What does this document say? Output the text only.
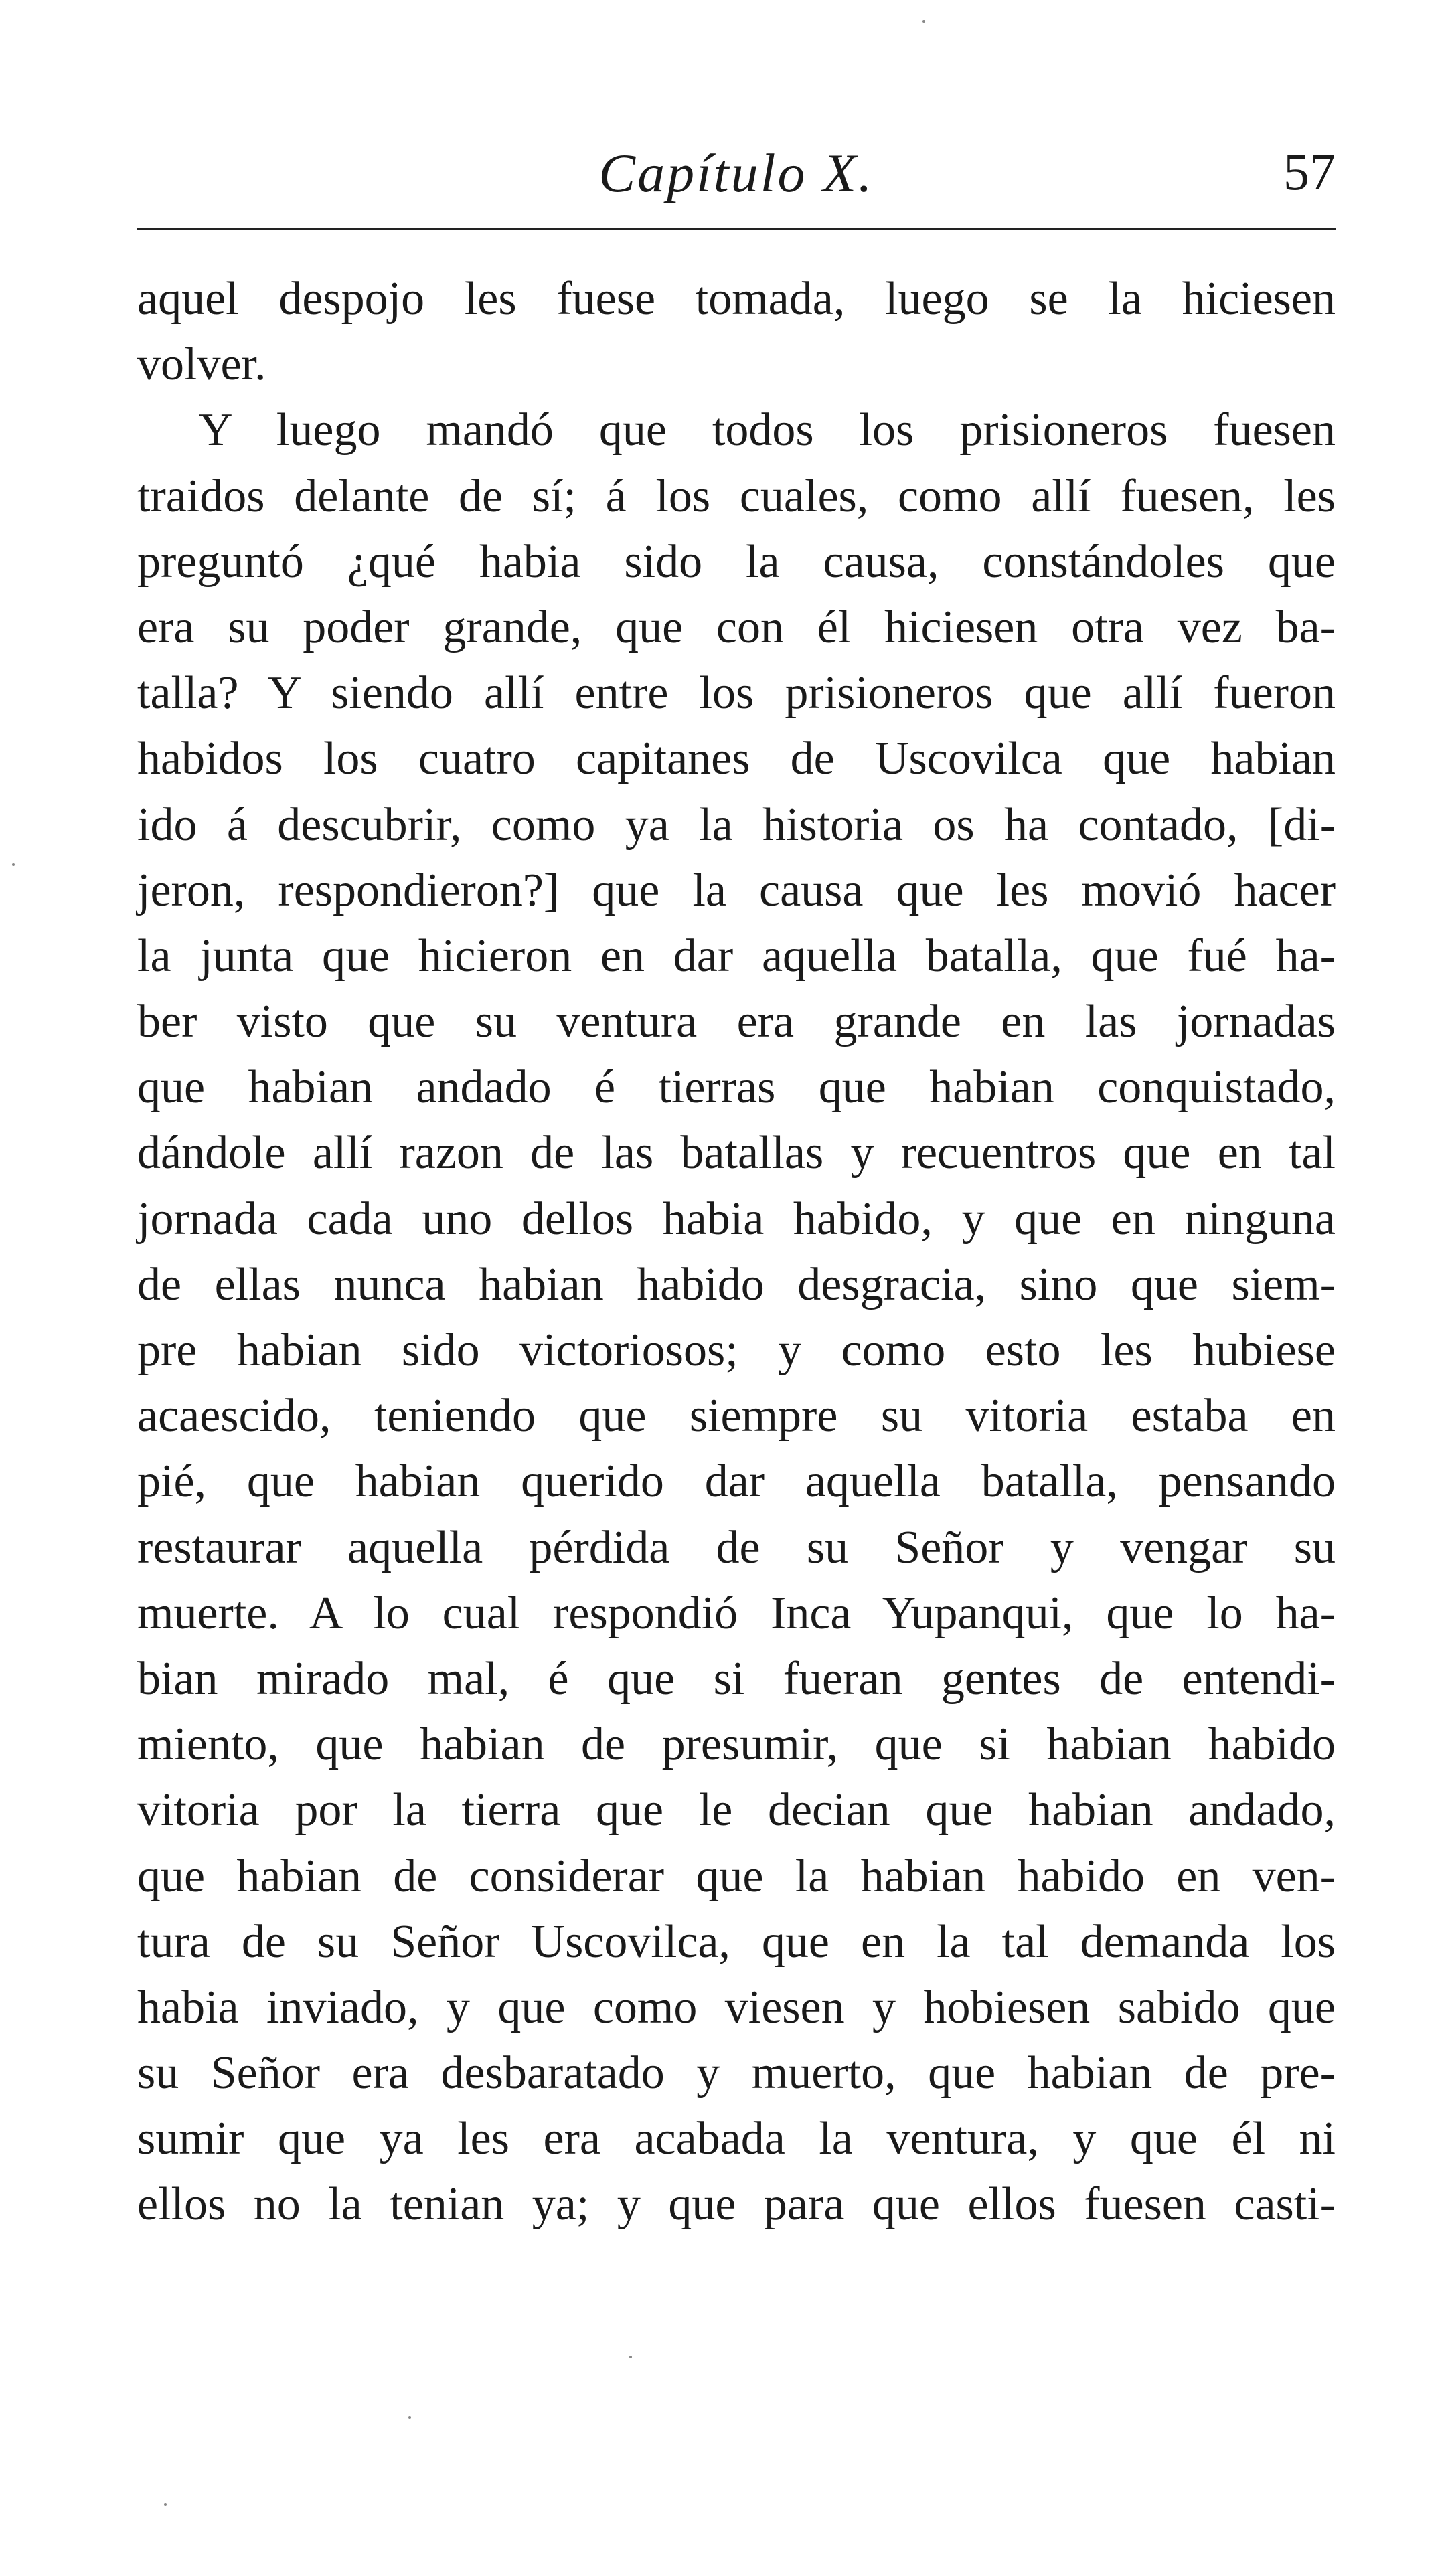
Capítulo X.	57
aquel despojo les fuese tomada, luego se la hiciesen
volver.
Y luego mandó que todos los prisioneros fuesen
traidos delante de sí; á los cuales, como allí fuesen, les
preguntó ¿qué habia sido la causa, constándoles que
era su poder grande, que con él hiciesen otra vez ba-
talla? Y siendo allí entre los prisioneros que allí fueron
habidos los cuatro capitanes de Uscovilca que habian
ido á descubrir, como ya la historia os ha contado, [di-
jeron, respondieron?] que la causa que les movió hacer
la junta que hicieron en dar aquella batalla, que fué ha-
ber visto que su ventura era grande en las jornadas
que habian andado é tierras que habian conquistado,
dándole allí razon de las batallas y recuentros que en tal
jornada cada uno dellos habia habido, y que en ninguna
de ellas nunca habian habido desgracia, sino que siem-
pre habian sido victoriosos; y como esto les hubiese
acaescido, teniendo que siempre su vitoria estaba en
pié, que habian querido dar aquella batalla, pensando
restaurar aquella pérdida de su Señor y vengar su
muerte. A lo cual respondió Inca Yupanqui, que lo ha-
bian mirado mal, é que si fueran gentes de entendi-
miento, que habian de presumir, que si habian habido
vitoria por la tierra que le decian que habian andado,
que habian de considerar que la habian habido en ven-
tura de su Señor Uscovilca, que en la tal demanda los
habia inviado, y que como viesen y hobiesen sabido que
su Señor era desbaratado y muerto, que habian de pre-
sumir que ya les era acabada la ventura, y que él ni
ellos no la tenian ya; y que para que ellos fuesen casti-
